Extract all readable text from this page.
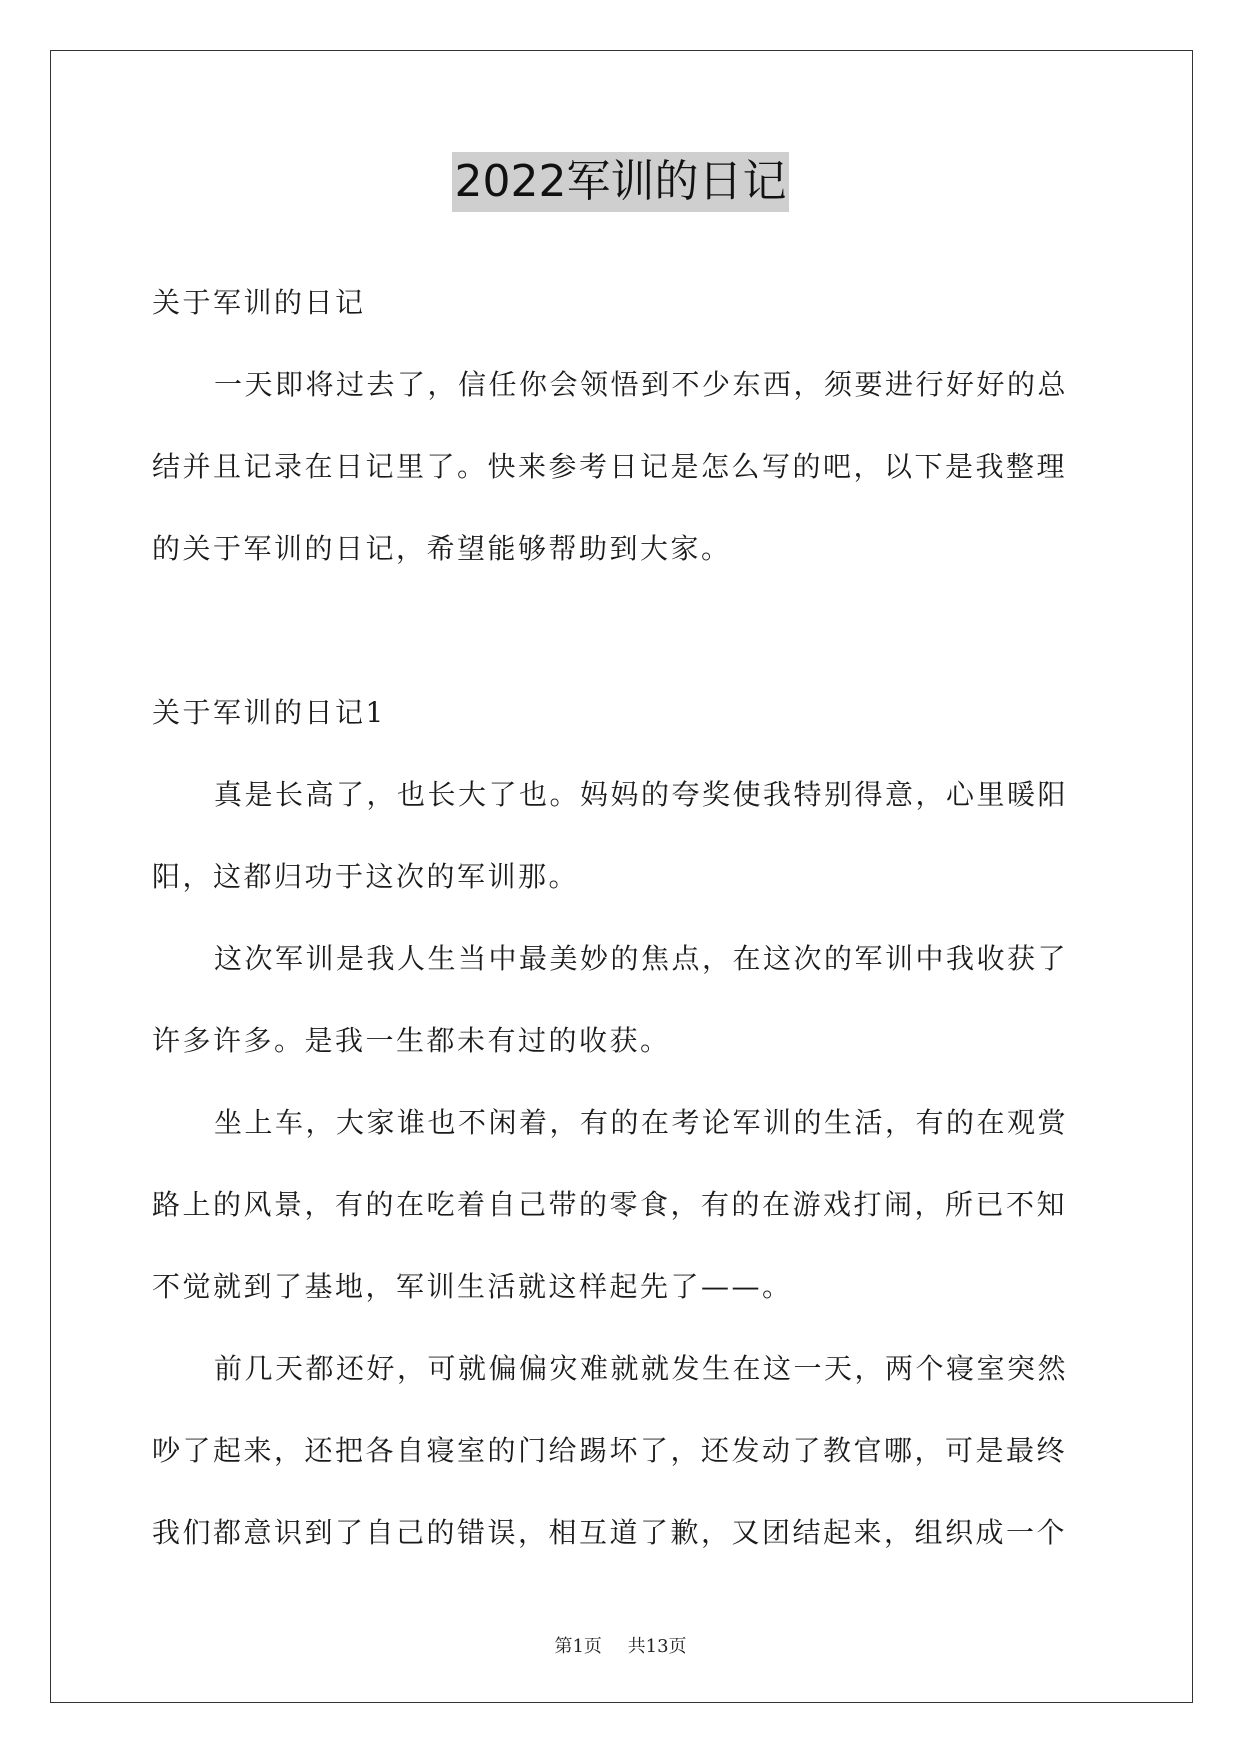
2022军训的日记
关于军训的日记
一天即将过去了，信任你会领悟到不少东西，须要进行好好的总
结并且记录在日记里了。快来参考日记是怎么写的吧，以下是我整理
的关于军训的日记，希望能够帮助到大家。
关于军训的日记1
真是长高了，也长大了也。妈妈的夸奖使我特别得意，心里暖阳
阳，这都归功于这次的军训那。
这次军训是我人生当中最美妙的焦点，在这次的军训中我收获了
许多许多。是我一生都未有过的收获。
坐上车，大家谁也不闲着，有的在考论军训的生活，有的在观赏
路上的风景，有的在吃着自己带的零食，有的在游戏打闹，所已不知
不觉就到了基地，军训生活就这样起先了——。
前几天都还好，可就偏偏灾难就就发生在这一天，两个寝室突然
吵了起来，还把各自寝室的门给踢坏了，还发动了教官哪，可是最终
我们都意识到了自己的错误，相互道了歉，又团结起来，组织成一个
第1页 共13页
